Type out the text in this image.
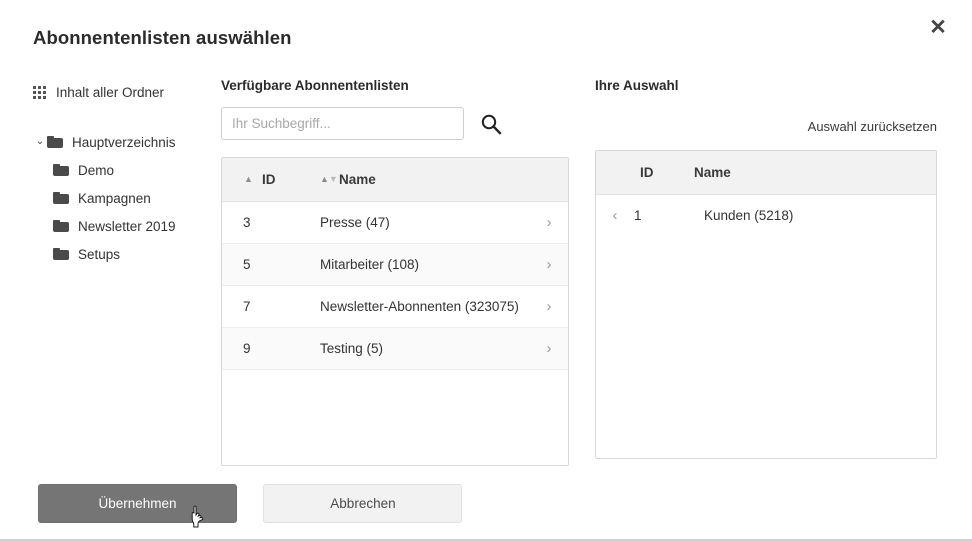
✕
Abonnentenlisten auswählen
Inhalt aller Ordner
⌄ Hauptverzeichnis
Demo
Kampagnen
Newsletter 2019
Setups
Verfügbare Abonnentenlisten
Ihr Suchbegriff...
▲ ID	▲▼ Name
3	Presse (47)	›
5	Mitarbeiter (108)	›
7	Newsletter-Abonnenten (323075)	›
9	Testing (5)	›
Ihre Auswahl
Auswahl zurücksetzen
ID	Name
‹	1	Kunden (5218)
Übernehmen	Abbrechen
